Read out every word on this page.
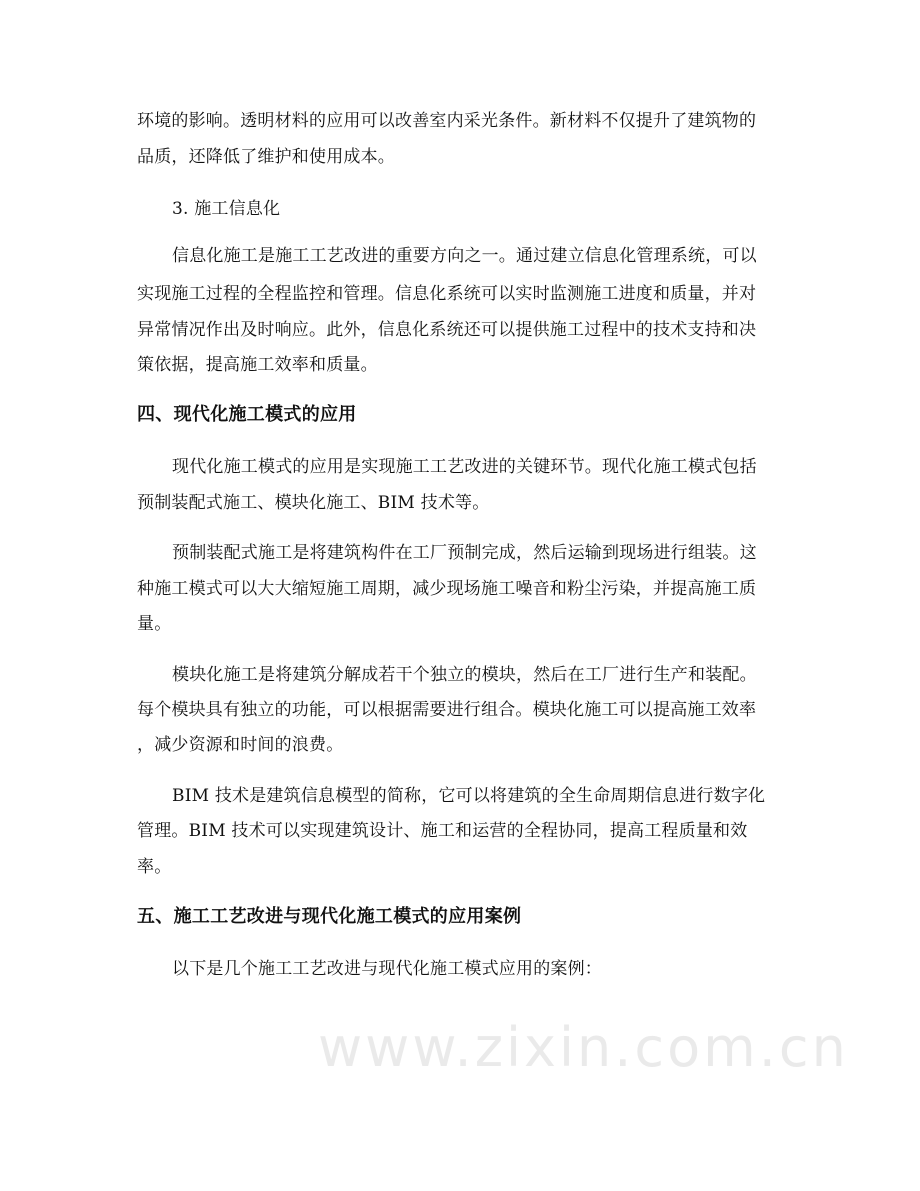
环境的影响。透明材料的应用可以改善室内采光条件。新材料不仅提升了建筑物的
品质，还降低了维护和使用成本。
3. 施工信息化
信息化施工是施工工艺改进的重要方向之一。通过建立信息化管理系统，可以
实现施工过程的全程监控和管理。信息化系统可以实时监测施工进度和质量，并对
异常情况作出及时响应。此外，信息化系统还可以提供施工过程中的技术支持和决
策依据，提高施工效率和质量。
四、现代化施工模式的应用
现代化施工模式的应用是实现施工工艺改进的关键环节。现代化施工模式包括
预制装配式施工、模块化施工、BIM 技术等。
预制装配式施工是将建筑构件在工厂预制完成，然后运输到现场进行组装。这
种施工模式可以大大缩短施工周期，减少现场施工噪音和粉尘污染，并提高施工质
量。
模块化施工是将建筑分解成若干个独立的模块，然后在工厂进行生产和装配。
每个模块具有独立的功能，可以根据需要进行组合。模块化施工可以提高施工效率
，减少资源和时间的浪费。
BIM 技术是建筑信息模型的简称，它可以将建筑的全生命周期信息进行数字化
管理。BIM 技术可以实现建筑设计、施工和运营的全程协同，提高工程质量和效
率。
五、施工工艺改进与现代化施工模式的应用案例
以下是几个施工工艺改进与现代化施工模式应用的案例：
www.zixin.com.cn
